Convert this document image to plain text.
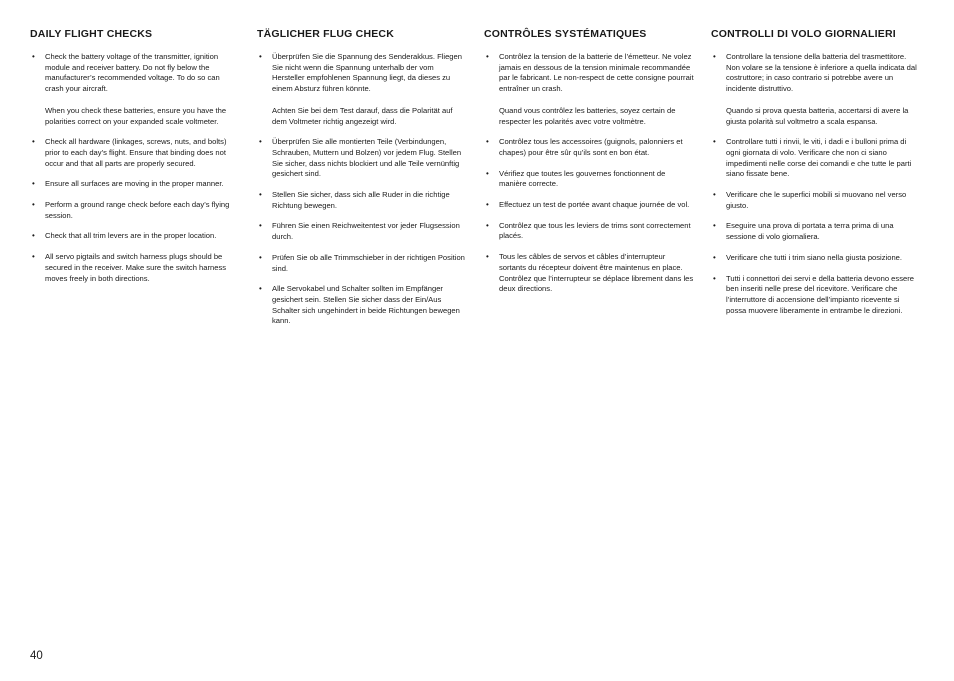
DAILY FLIGHT CHECKS
• Check the battery voltage of the transmitter, ignition module and receiver battery. Do not fly below the manufacturer’s recommended voltage. To do so can crash your aircraft.
When you check these batteries, ensure you have the polarities correct on your expanded scale voltmeter.
• Check all hardware (linkages, screws, nuts, and bolts) prior to each day’s flight. Ensure that binding does not occur and that all parts are properly secured.
• Ensure all surfaces are moving in the proper manner.
• Perform a ground range check before each day’s flying session.
• Check that all trim levers are in the proper location.
• All servo pigtails and switch harness plugs should be secured in the receiver. Make sure the switch harness moves freely in both directions.
TÄGLICHER FLUG CHECK
• Überprüfen Sie die Spannung des Senderakkus. Fliegen Sie nicht wenn die Spannung unterhalb der vom Hersteller empfohlenen Spannung liegt, da dieses zu einem Absturz führen könnte.
Achten Sie bei dem Test darauf, dass die Polarität auf dem Voltmeter richtig angezeigt wird.
• Überprüfen Sie alle montierten Teile (Verbindungen, Schrauben, Muttern und Bolzen) vor jedem Flug. Stellen Sie sicher, dass nichts blockiert und alle Teile vernünftig gesichert sind.
• Stellen Sie sicher, dass sich alle Ruder in die richtige Richtung bewegen.
• Führen Sie einen Reichweitentest vor jeder Flugsession durch.
• Prüfen Sie ob alle Trimmschieber in der richtigen Position sind.
• Alle Servokabel und Schalter sollten im Empfänger gesichert sein. Stellen Sie sicher dass der Ein/Aus Schalter sich ungehindert in beide Richtungen bewegen kann.
CONTRÔLES SYSTÉMATIQUES
• Contrôlez la tension de la batterie de l’émetteur. Ne volez jamais en dessous de la tension minimale recommandée par le fabricant. Le non-respect de cette consigne pourrait entraîner un crash.
Quand vous contrôlez les batteries, soyez certain de respecter les polarités avec votre voltmètre.
• Contrôlez tous les accessoires (guignols, palonniers et chapes) pour être sûr qu’ils sont en bon état.
• Vérifiez que toutes les gouvernes fonctionnent de manière correcte.
• Effectuez un test de portée avant chaque journée de vol.
• Contrôlez que tous les leviers de trims sont correctement placés.
• Tous les câbles de servos et câbles d’interrupteur sortants du récepteur doivent être maintenus en place. Contrôlez que l’interrupteur se déplace librement dans les deux directions.
CONTROLLI DI VOLO GIORNALIERI
• Controllare la tensione della batteria del trasmettitore. Non volare se la tensione è inferiore a quella indicata dal costruttore; in caso contrario si potrebbe avere un incidente distruttivo.
Quando si prova questa batteria, accertarsi di avere la giusta polarità sul voltmetro a scala espansa.
• Controllare tutti i rinvii, le viti, i dadi e i bulloni prima di ogni giornata di volo. Verificare che non ci siano impedimenti nelle corse dei comandi e che tutte le parti siano fissate bene.
• Verificare che le superfici mobili si muovano nel verso giusto.
• Eseguire una prova di portata a terra prima di una sessione di volo giornaliera.
• Verificare che tutti i trim siano nella giusta posizione.
• Tutti i connettori dei servi e della batteria devono essere ben inseriti nelle prese del ricevitore. Verificare che l’interruttore di accensione dell’impianto ricevente si possa muovere liberamente in entrambe le direzioni.
40
